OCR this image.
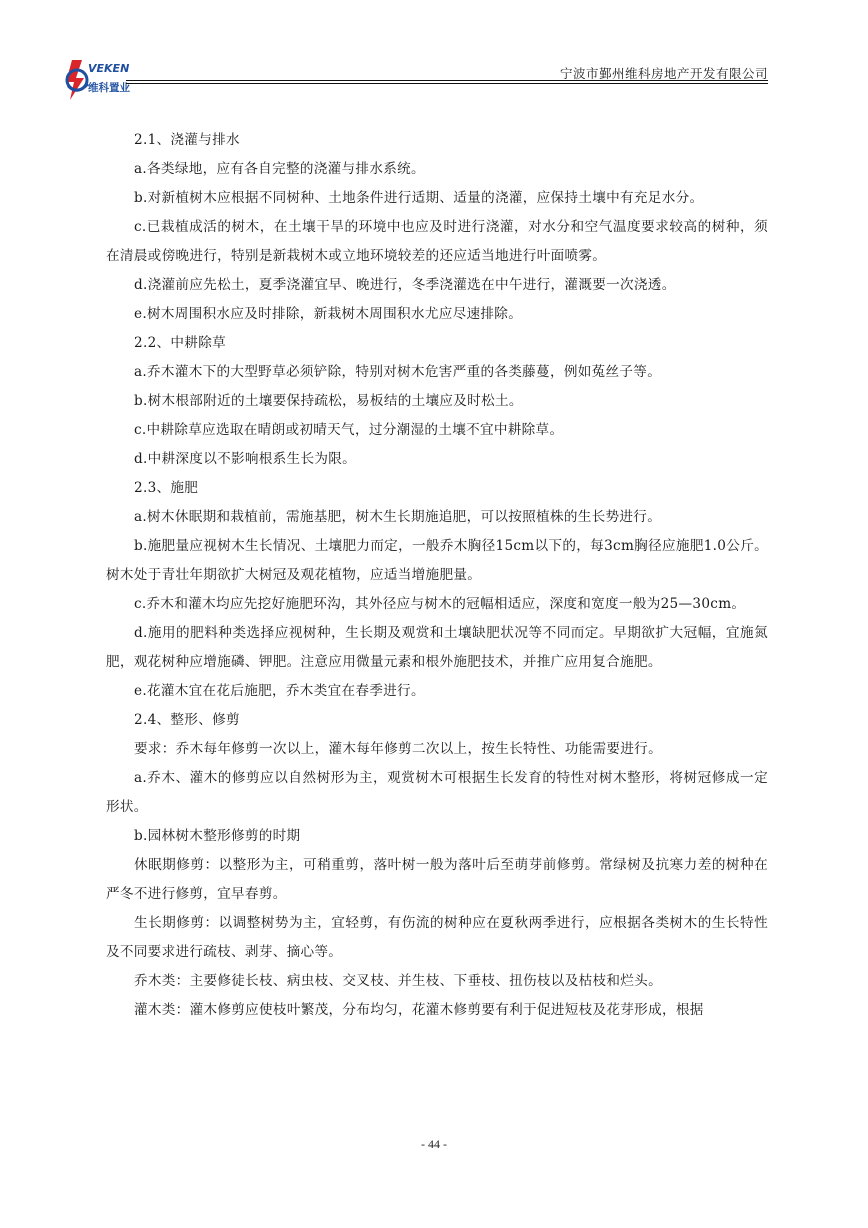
VEKEN
维科置业
宁波市鄞州维科房地产开发有限公司

2.1、浇灌与排水

a.各类绿地，应有各自完整的浇灌与排水系统。

b.对新植树木应根据不同树种、土地条件进行适期、适量的浇灌，应保持土壤中有充足水分。

c.已栽植成活的树木，在土壤干旱的环境中也应及时进行浇灌，对水分和空气温度要求较高的树种，须在清晨或傍晚进行，特别是新栽树木或立地环境较差的还应适当地进行叶面喷雾。

d.浇灌前应先松土，夏季浇灌宜早、晚进行，冬季浇灌选在中午进行，灌溉要一次浇透。

e.树木周围积水应及时排除，新栽树木周围积水尤应尽速排除。

2.2、中耕除草

a.乔木灌木下的大型野草必须铲除，特别对树木危害严重的各类藤蔓，例如菟丝子等。

b.树木根部附近的土壤要保持疏松，易板结的土壤应及时松土。

c.中耕除草应选取在晴朗或初晴天气，过分潮湿的土壤不宜中耕除草。

d.中耕深度以不影响根系生长为限。

2.3、施肥

a.树木休眠期和栽植前，需施基肥，树木生长期施追肥，可以按照植株的生长势进行。

b.施肥量应视树木生长情况、土壤肥力而定，一般乔木胸径15cm以下的，每3cm胸径应施肥1.0公斤。树木处于青壮年期欲扩大树冠及观花植物，应适当增施肥量。

c.乔木和灌木均应先挖好施肥环沟，其外径应与树木的冠幅相适应，深度和宽度一般为25—30cm。

d.施用的肥料种类选择应视树种，生长期及观赏和土壤缺肥状况等不同而定。早期欲扩大冠幅，宜施氮肥，观花树种应增施磷、钾肥。注意应用微量元素和根外施肥技术，并推广应用复合施肥。

e.花灌木宜在花后施肥，乔木类宜在春季进行。

2.4、整形、修剪

要求：乔木每年修剪一次以上，灌木每年修剪二次以上，按生长特性、功能需要进行。

a.乔木、灌木的修剪应以自然树形为主，观赏树木可根据生长发育的特性对树木整形，将树冠修成一定形状。

b.园林树木整形修剪的时期

休眠期修剪：以整形为主，可稍重剪，落叶树一般为落叶后至萌芽前修剪。常绿树及抗寒力差的树种在严冬不进行修剪，宜早春剪。

生长期修剪：以调整树势为主，宜轻剪，有伤流的树种应在夏秋两季进行，应根据各类树木的生长特性及不同要求进行疏枝、剥芽、摘心等。

乔木类：主要修徒长枝、病虫枝、交叉枝、并生枝、下垂枝、扭伤枝以及枯枝和烂头。

灌木类：灌木修剪应使枝叶繁茂，分布均匀，花灌木修剪要有利于促进短枝及花芽形成，根据

- 44 -
